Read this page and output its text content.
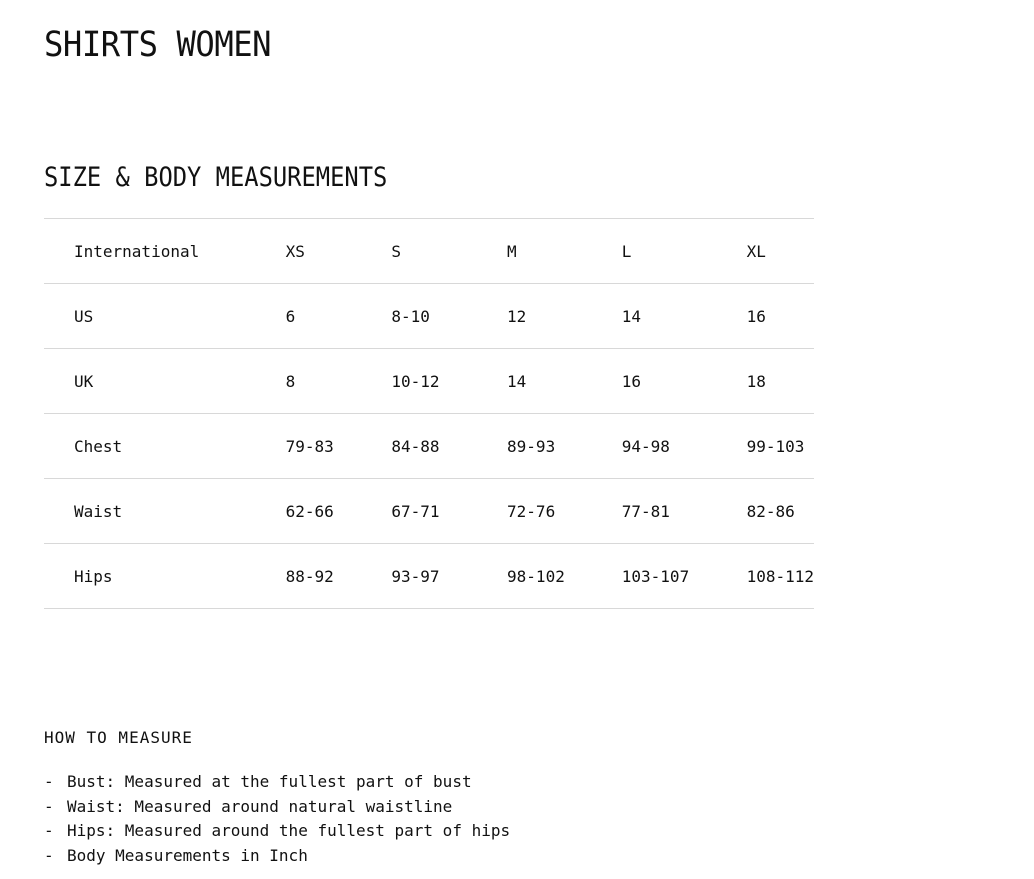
SHIRTS WOMEN
SIZE & BODY MEASUREMENTS
International	XS	S	M	L	XL
US	6	8-10	12	14	16
UK	8	10-12	14	16	18
Chest	79-83	84-88	89-93	94-98	99-103
Waist	62-66	67-71	72-76	77-81	82-86
Hips	88-92	93-97	98-102	103-107	108-112
HOW TO MEASURE
- Bust: Measured at the fullest part of bust
- Waist: Measured around natural waistline
- Hips: Measured around the fullest part of hips
- Body Measurements in Inch
